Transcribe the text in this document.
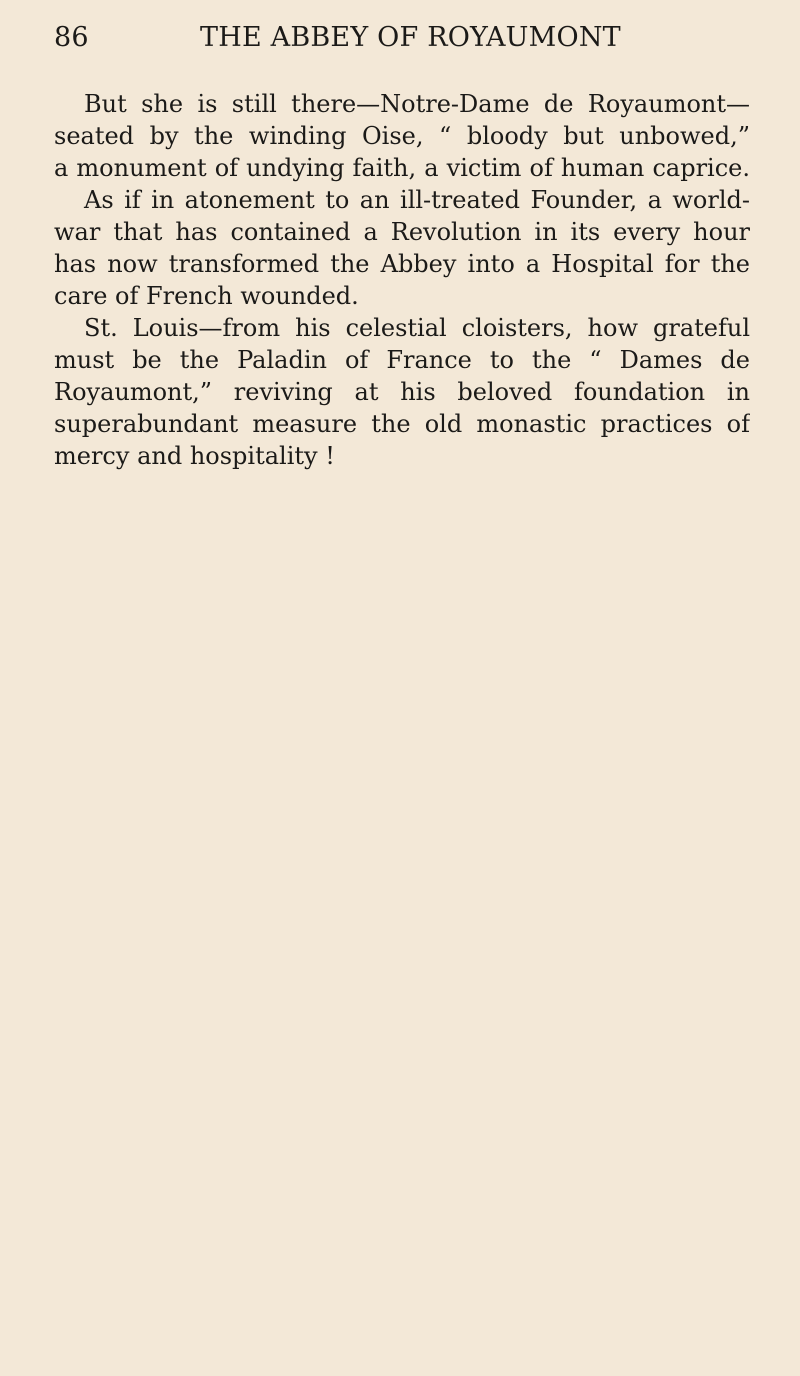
86	THE ABBEY OF ROYAUMONT
But she is still there—Notre-Dame de Royaumont—
seated by the winding Oise, “ bloody but unbowed,”
a monument of undying faith, a victim of human caprice.
As if in atonement to an ill-treated Founder, a world-
war that has contained a Revolution in its every hour
has now transformed the Abbey into a Hospital for the
care of French wounded.
St. Louis—from his celestial cloisters, how grateful
must be the Paladin of France to the “ Dames de
Royaumont,” reviving at his beloved foundation in
superabundant measure the old monastic practices of
mercy and hospitality !
